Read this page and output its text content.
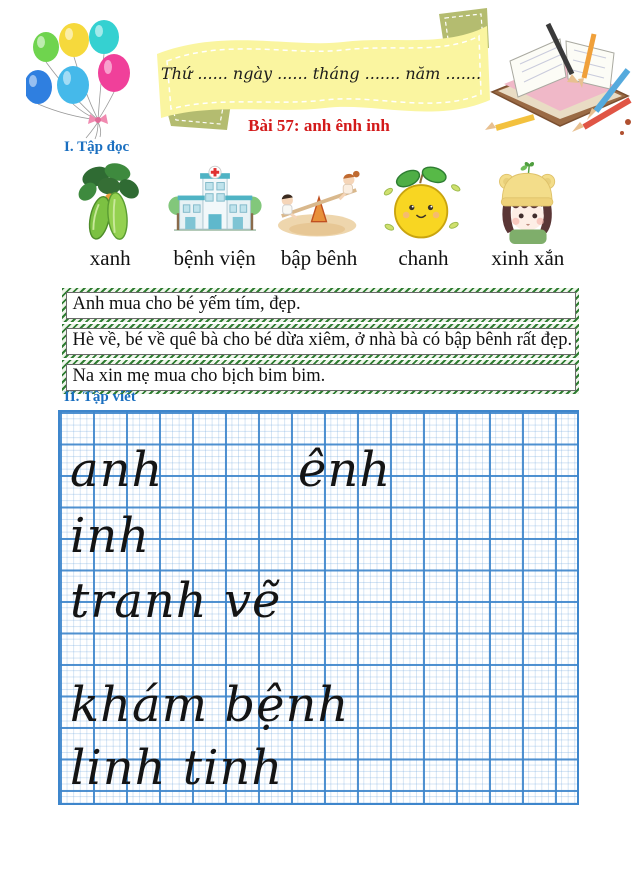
Thứ ...... ngày ...... tháng ....... năm .......
Bài 57: anh ênh inh
I. Tập đọc
xanh bệnh viện bập bênh chanh xinh xắn
Anh mua cho bé yếm tím, đẹp.
Hè về, bé về quê bà cho bé dừa xiêm, ở nhà bà có bập bênh rất đẹp.
Na xin mẹ mua cho bịch bim bim.
II. Tập viết
anh	ênh
inh
tranh vẽ
khám bệnh
linh tinh
